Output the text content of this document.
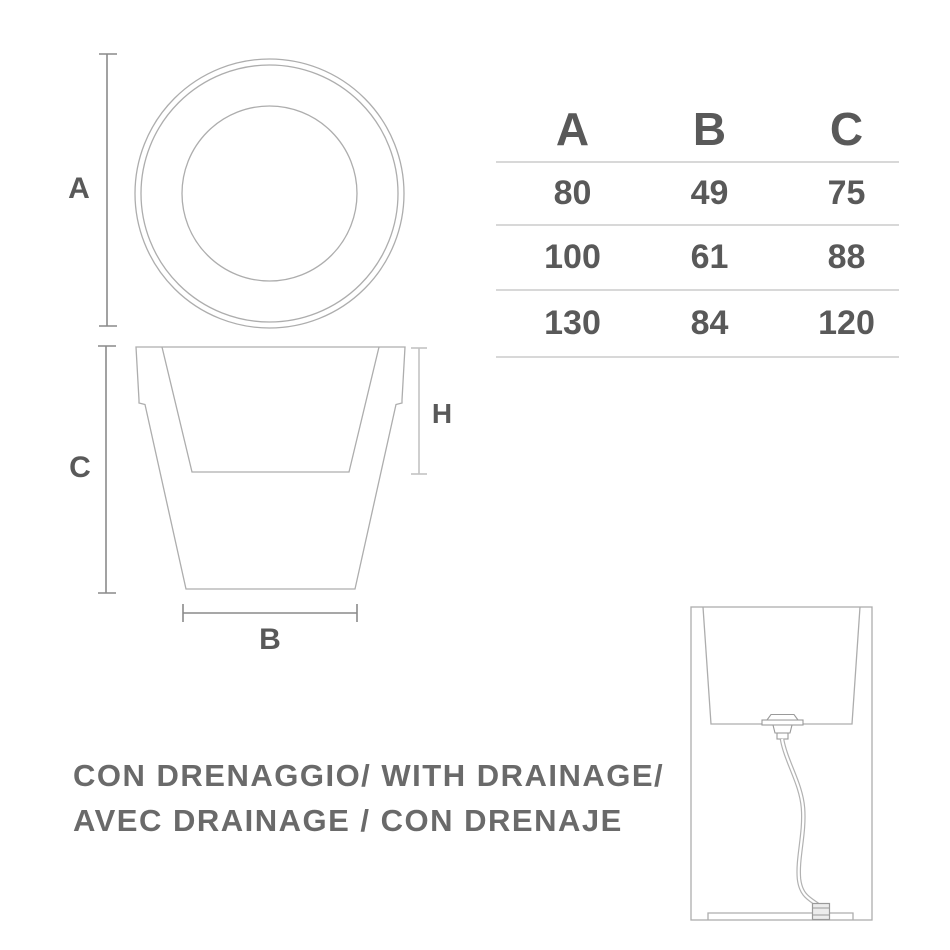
A
C
H
B
A B C
80	49	75
100	61	88
130	84	120
CON DRENAGGIO/ WITH DRAINAGE/
AVEC DRAINAGE / CON DRENAJE
